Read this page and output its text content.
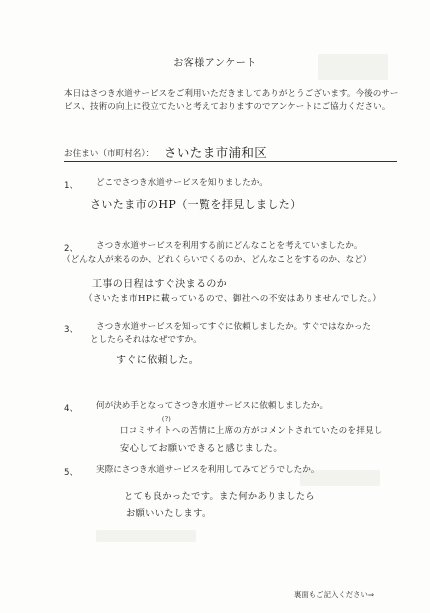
お客様アンケート
本日はさつき水道サービスをご利用いただきましてありがとうございます。今後のサービス、技術の向上に役立てたいと考えておりますのでアンケートにご協力ください。
お住まい（市町村名）： さいたま市浦和区
1、 どこでさつき水道サービスを知りましたか。
さいたま市のHP（一覧を拝見しました）
2、 さつき水道サービスを利用する前にどんなことを考えていましたか。
（どんな人が来るのか、どれくらいでくるのか、どんなことをするのか、など）
工事の日程はすぐ決まるのか
（さいたま市HPに載っているので、御社への不安はありませんでした。）
3、 さつき水道サービスを知ってすぐに依頼しましたか。すぐではなかった
としたらそれはなぜですか。
すぐに依頼した。
4、 何が決め手となってさつき水道サービスに依頼しましたか。
(?)
口コミサイトへの苦情に上席の方がコメントされていたのを拝見し
安心してお願いできると感じました。
5、 実際にさつき水道サービスを利用してみてどうでしたか。
とても良かったです。また何かありましたら
お願いいたします。
裏面もご記入ください⇒
